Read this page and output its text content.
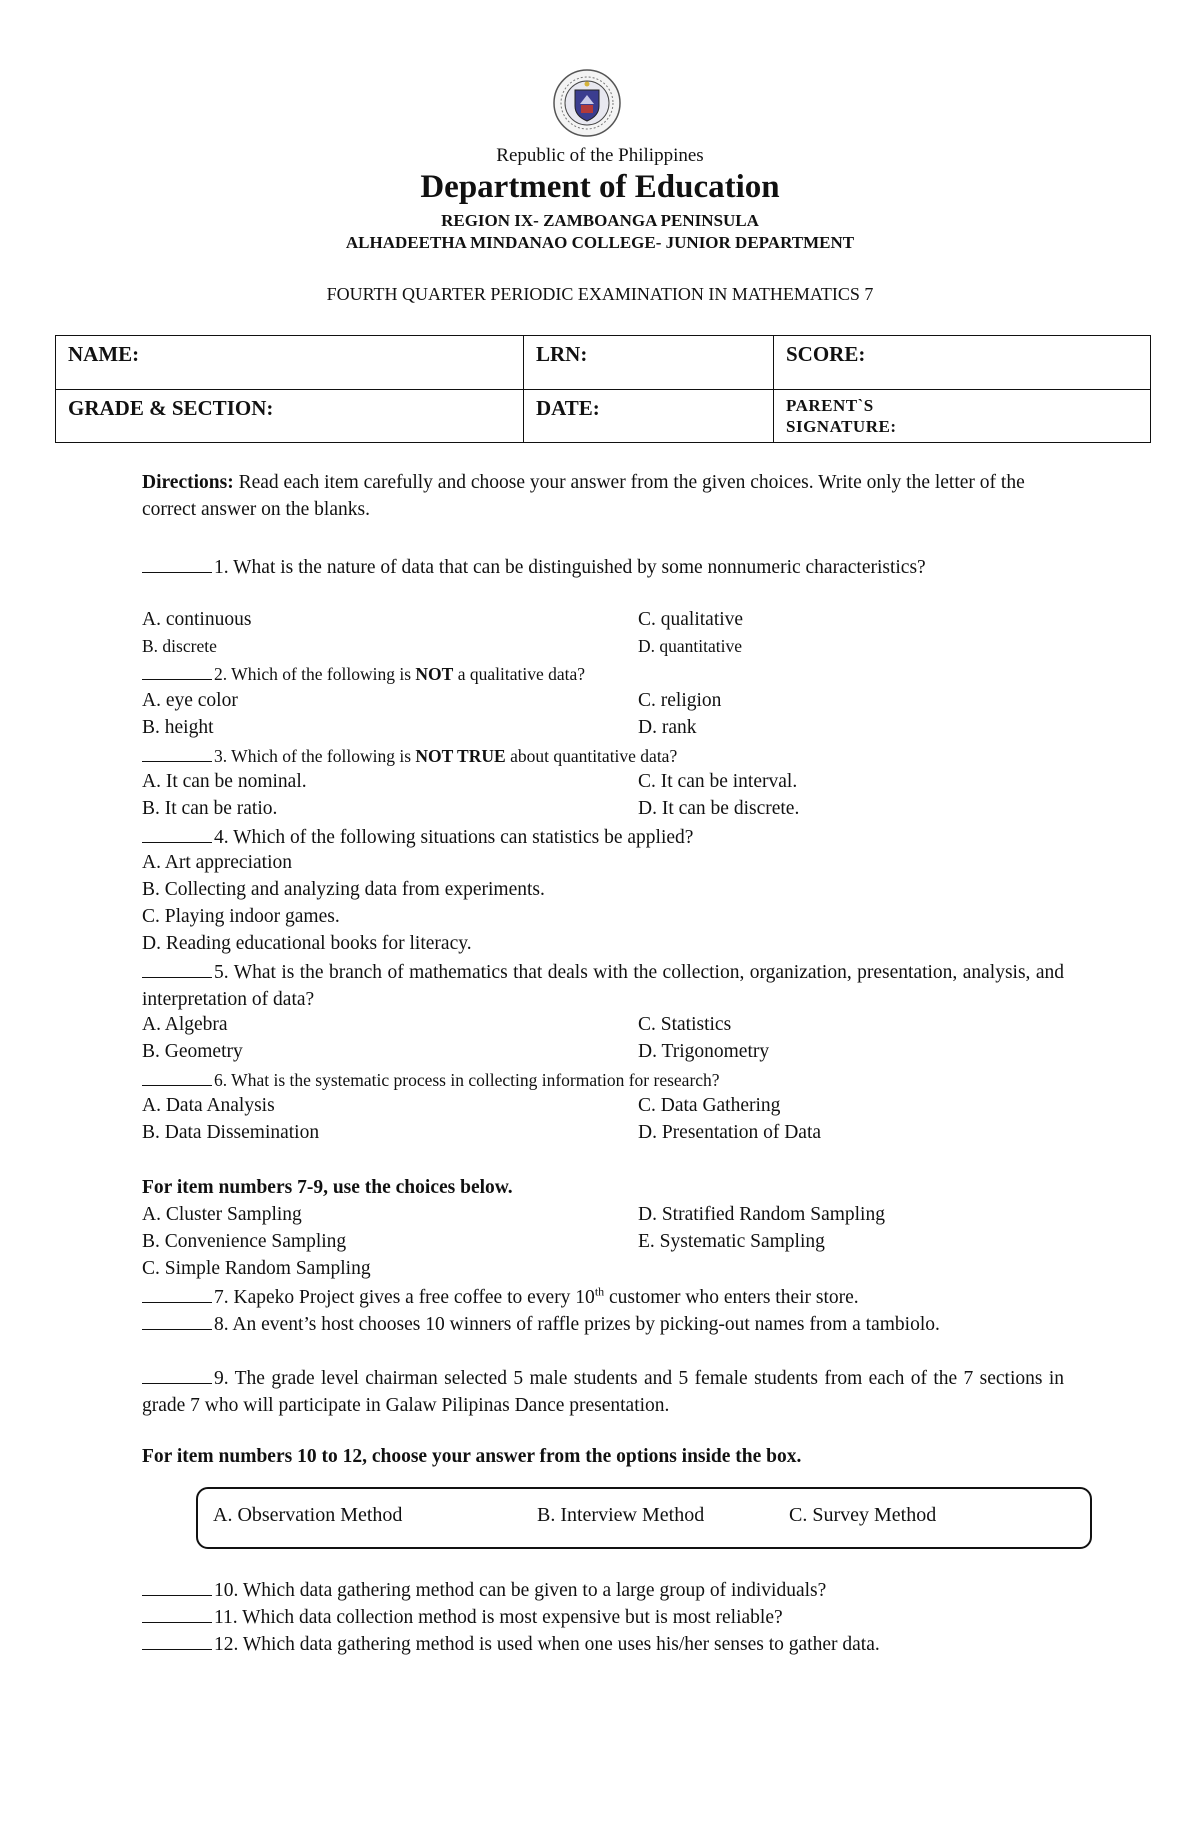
Republic of the Philippines

Department of Education

REGION IX- ZAMBOANGA PENINSULA

ALHADEETHA MINDANAO COLLEGE- JUNIOR DEPARTMENT

FOURTH QUARTER PERIODIC EXAMINATION IN MATHEMATICS 7

NAME:	LRN:	SCORE:
GRADE & SECTION:	DATE:	PARENT`S
SIGNATURE:

Directions: Read each item carefully and choose your answer from the given choices. Write only the letter of the correct answer on the blanks.

1. What is the nature of data that can be distinguished by some nonnumeric characteristics?

A. continuous	C. qualitative

B. discrete	D. quantitative

2. Which of the following is NOT a qualitative data?

A. eye color	C. religion

B. height	D. rank

3. Which of the following is NOT TRUE about quantitative data?

A. It can be nominal.	C. It can be interval.

B. It can be ratio.	D. It can be discrete.

4. Which of the following situations can statistics be applied?

A. Art appreciation

B. Collecting and analyzing data from experiments.

C. Playing indoor games.

D. Reading educational books for literacy.

5. What is the branch of mathematics that deals with the collection, organization, presentation, analysis, and interpretation of data?

A. Algebra	C. Statistics

B. Geometry	D. Trigonometry

6. What is the systematic process in collecting information for research?

A. Data Analysis	C. Data Gathering

B. Data Dissemination	D. Presentation of Data

For item numbers 7-9, use the choices below.

A. Cluster Sampling	D. Stratified Random Sampling

B. Convenience Sampling	E. Systematic Sampling

C. Simple Random Sampling

7. Kapeko Project gives a free coffee to every 10th customer who enters their store.

8. An event’s host chooses 10 winners of raffle prizes by picking-out names from a tambiolo.

9. The grade level chairman selected 5 male students and 5 female students from each of the 7 sections in grade 7 who will participate in Galaw Pilipinas Dance presentation.

For item numbers 10 to 12, choose your answer from the options inside the box.

A. Observation Method	B. Interview Method	C. Survey Method

10. Which data gathering method can be given to a large group of individuals?

11. Which data collection method is most expensive but is most reliable?

12. Which data gathering method is used when one uses his/her senses to gather data.
